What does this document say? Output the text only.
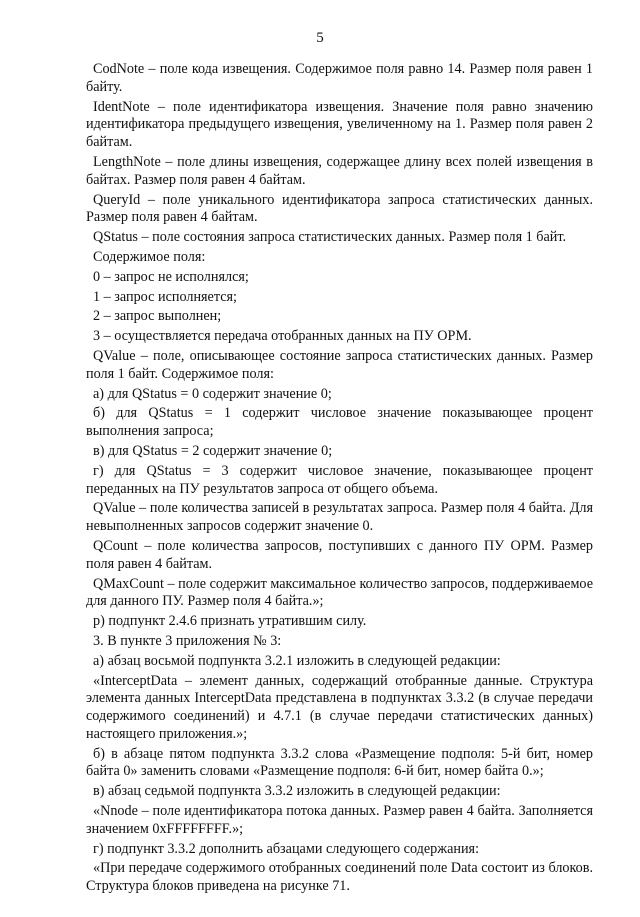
5

CodNote – поле кода извещения. Содержимое поля равно 14. Размер поля равен 1 байту.

IdentNote – поле идентификатора извещения. Значение поля равно значению идентификатора предыдущего извещения, увеличенному на 1. Размер поля равен 2 байтам.

LengthNote – поле длины извещения, содержащее длину всех полей извещения в байтах. Размер поля равен 4 байтам.

QueryId – поле уникального идентификатора запроса статистических данных. Размер поля равен 4 байтам.

QStatus – поле состояния запроса статистических данных. Размер поля 1 байт.

Содержимое поля:

0 – запрос не исполнялся;

1 – запрос исполняется;

2 – запрос выполнен;

3 – осуществляется передача отобранных данных на ПУ ОРМ.

QValue – поле, описывающее состояние запроса статистических данных. Размер поля 1 байт. Содержимое поля:

а) для QStatus = 0 содержит значение 0;

б) для QStatus = 1 содержит числовое значение показывающее процент выполнения запроса;

в) для QStatus = 2 содержит значение 0;

г) для QStatus = 3 содержит числовое значение, показывающее процент переданных на ПУ результатов запроса от общего объема.

QValue – поле количества записей в результатах запроса. Размер поля 4 байта. Для невыполненных запросов содержит значение 0.

QCount – поле количества запросов, поступивших с данного ПУ ОРМ. Размер поля равен 4 байтам.

QMaxCount – поле содержит максимальное количество запросов, поддерживаемое для данного ПУ. Размер поля 4 байта.»;

р) подпункт 2.4.6 признать утратившим силу.

3. В пункте 3 приложения № 3:

а) абзац восьмой подпункта 3.2.1 изложить в следующей редакции:

«InterceptData – элемент данных, содержащий отобранные данные. Структура элемента данных InterceptData представлена в подпунктах 3.3.2 (в случае передачи содержимого соединений) и 4.7.1 (в случае передачи статистических данных) настоящего приложения.»;

б) в абзаце пятом подпункта 3.3.2 слова «Размещение подполя: 5-й бит, номер байта 0» заменить словами «Размещение подполя: 6-й бит, номер байта 0.»;

в) абзац седьмой подпункта 3.3.2 изложить в следующей редакции:

«Nnode – поле идентификатора потока данных. Размер равен 4 байта. Заполняется значением 0xFFFFFFFF.»;

г) подпункт 3.3.2 дополнить абзацами следующего содержания:

«При передаче содержимого отобранных соединений поле Data состоит из блоков. Структура блоков приведена на рисунке 71.
